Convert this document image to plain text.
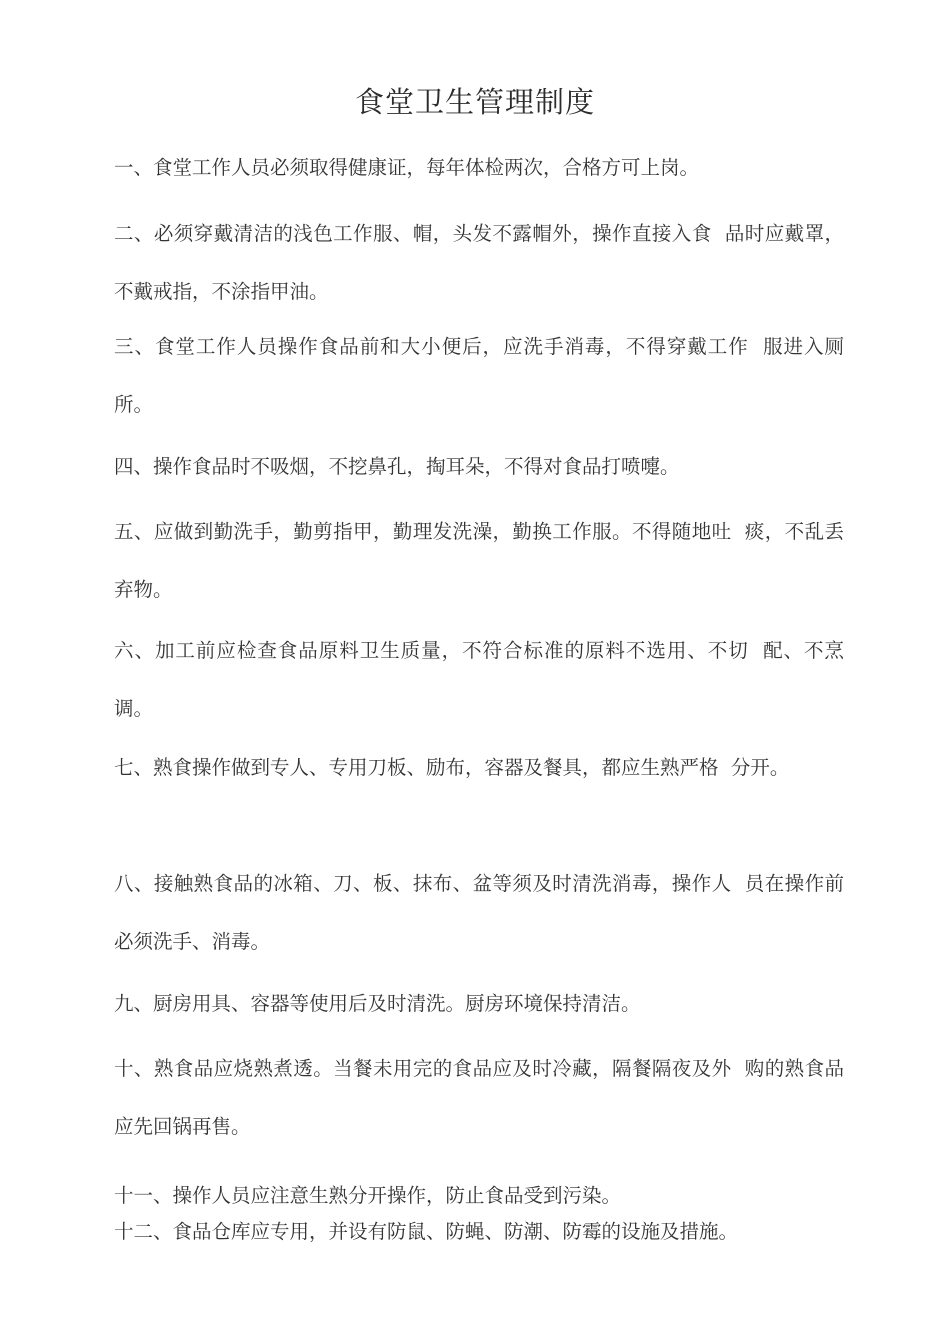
食堂卫生管理制度

一、食堂工作人员必须取得健康证，每年体检两次，合格方可上岗。

二、必须穿戴清洁的浅色工作服、帽，头发不露帽外，操作直接入食  品时应戴罩，不戴戒指，不涂指甲油。

三、食堂工作人员操作食品前和大小便后，应洗手消毒，不得穿戴工作  服进入厕所。

四、操作食品时不吸烟，不挖鼻孔，掏耳朵，不得对食品打喷嚏。

五、应做到勤洗手，勤剪指甲，勤理发洗澡，勤换工作服。不得随地吐  痰，不乱丢弃物。

六、加工前应检查食品原料卫生质量，不符合标准的原料不选用、不切  配、不烹调。

七、熟食操作做到专人、专用刀板、励布，容器及餐具，都应生熟严格  分开。

八、接触熟食品的冰箱、刀、板、抹布、盆等须及时清洗消毒，操作人  员在操作前必须洗手、消毒。

九、厨房用具、容器等使用后及时清洗。厨房环境保持清洁。

十、熟食品应烧熟煮透。当餐未用完的食品应及时冷藏，隔餐隔夜及外  购的熟食品应先回锅再售。

十一、操作人员应注意生熟分开操作，防止食品受到污染。

十二、食品仓库应专用，并设有防鼠、防蝇、防潮、防霉的设施及措施。
